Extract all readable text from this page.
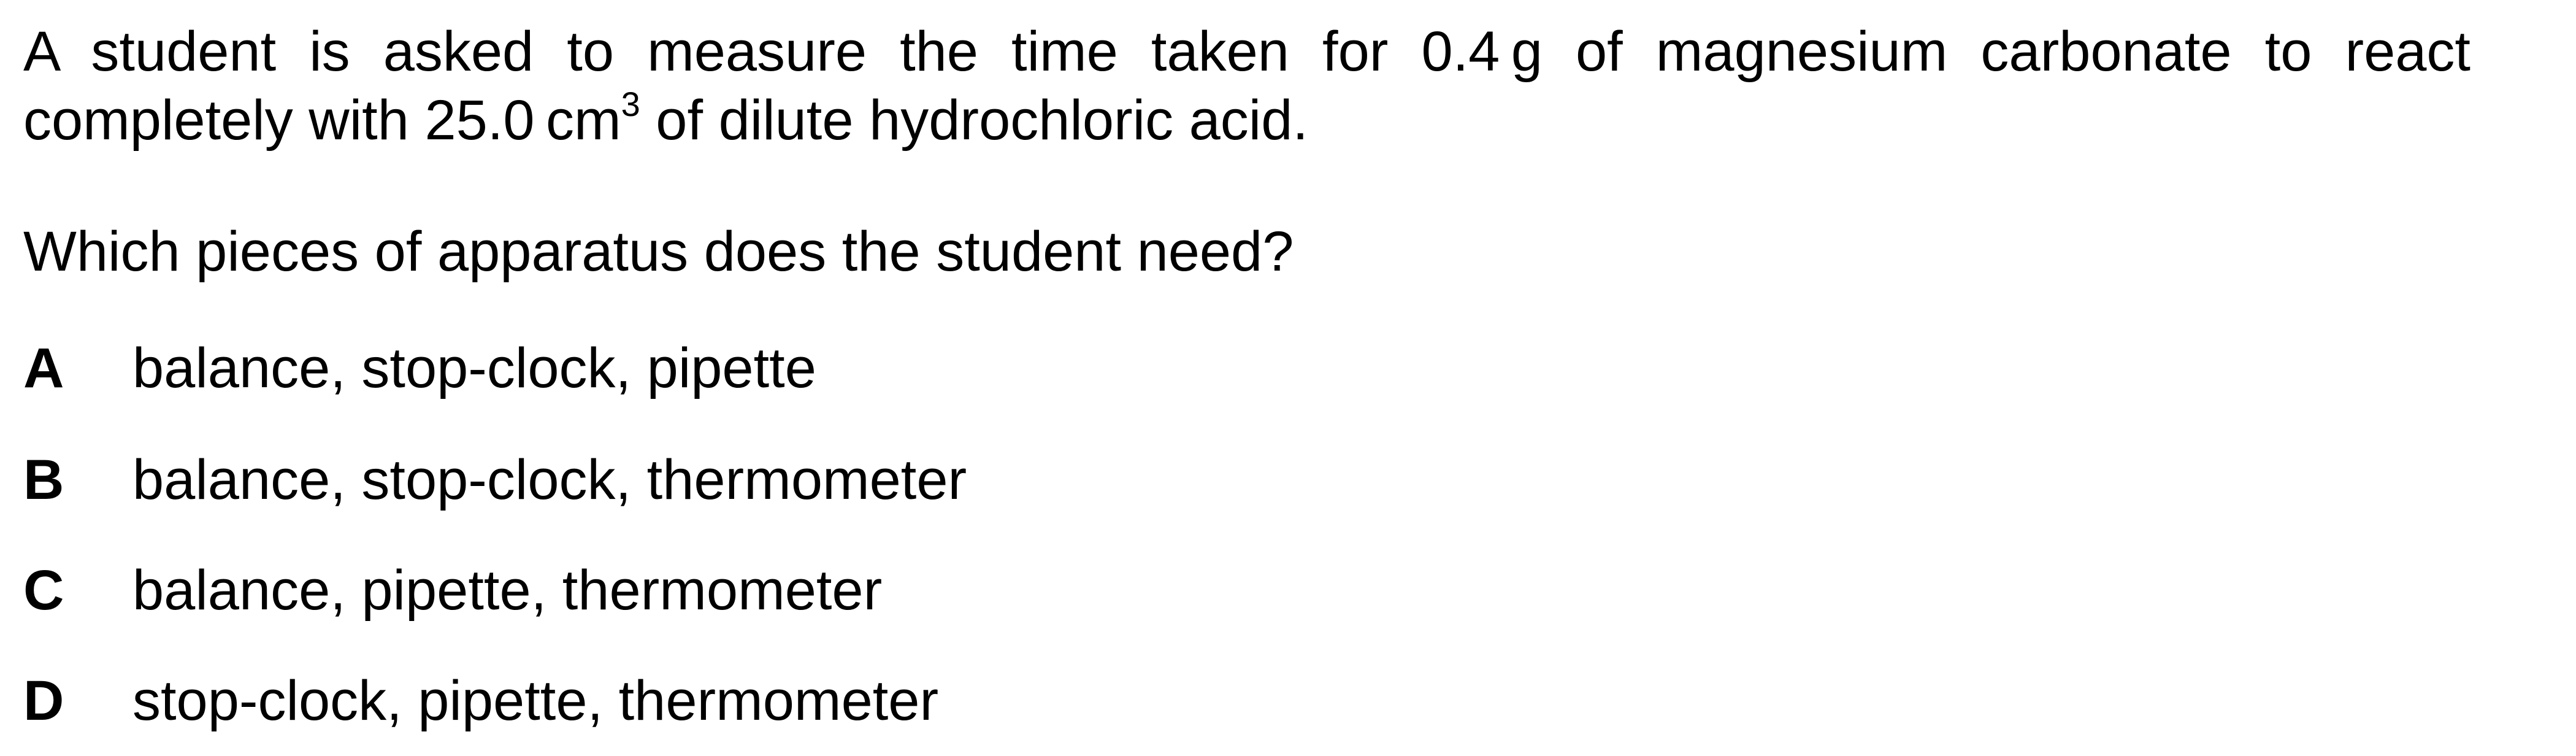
A student is asked to measure the time taken for 0.4 g of magnesium carbonate to react
completely with 25.0 $cm^3$ of dilute hydrochloric acid.
Which pieces of apparatus does the student need?
A balance, stop-clock, pipette
B balance, stop-clock, thermometer
C balance, pipette, thermometer
D stop-clock, pipette, thermometer
